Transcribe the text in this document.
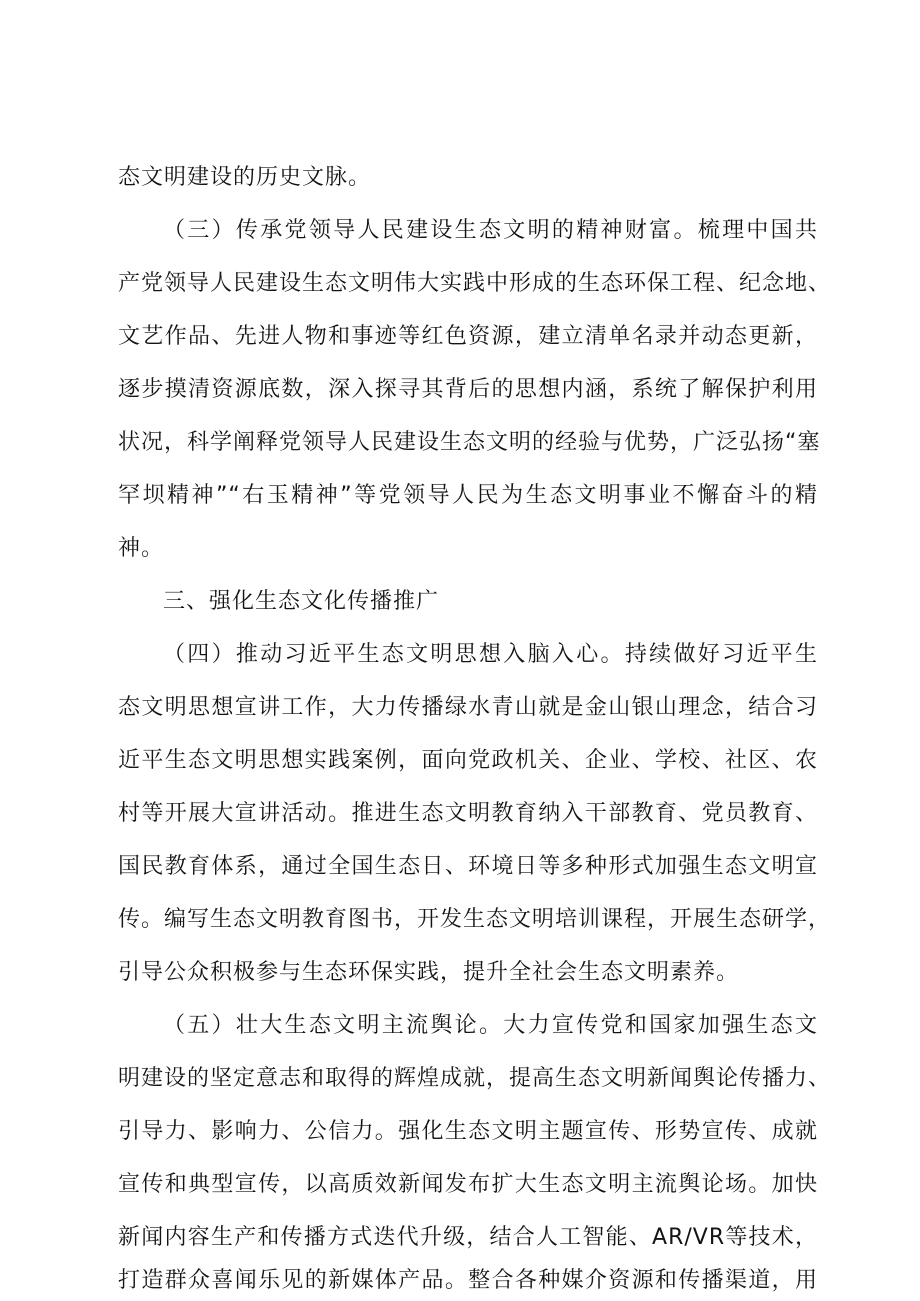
态文明建设的历史文脉。
（三）传承党领导人民建设生态文明的精神财富。梳理中国共
产党领导人民建设生态文明伟大实践中形成的生态环保工程、纪念地、
文艺作品、先进人物和事迹等红色资源，建立清单名录并动态更新，
逐步摸清资源底数，深入探寻其背后的思想内涵，系统了解保护利用
状况，科学阐释党领导人民建设生态文明的经验与优势，广泛弘扬“塞
罕坝精神”“右玉精神”等党领导人民为生态文明事业不懈奋斗的精
神。
三、强化生态文化传播推广
（四）推动习近平生态文明思想入脑入心。持续做好习近平生
态文明思想宣讲工作，大力传播绿水青山就是金山银山理念，结合习
近平生态文明思想实践案例，面向党政机关、企业、学校、社区、农
村等开展大宣讲活动。推进生态文明教育纳入干部教育、党员教育、
国民教育体系，通过全国生态日、环境日等多种形式加强生态文明宣
传。编写生态文明教育图书，开发生态文明培训课程，开展生态研学，
引导公众积极参与生态环保实践，提升全社会生态文明素养。
（五）壮大生态文明主流舆论。大力宣传党和国家加强生态文
明建设的坚定意志和取得的辉煌成就，提高生态文明新闻舆论传播力、
引导力、影响力、公信力。强化生态文明主题宣传、形势宣传、成就
宣传和典型宣传，以高质效新闻发布扩大生态文明主流舆论场。加快
新闻内容生产和传播方式迭代升级，结合人工智能、AR/VR等技术，
打造群众喜闻乐见的新媒体产品。整合各种媒介资源和传播渠道，用
